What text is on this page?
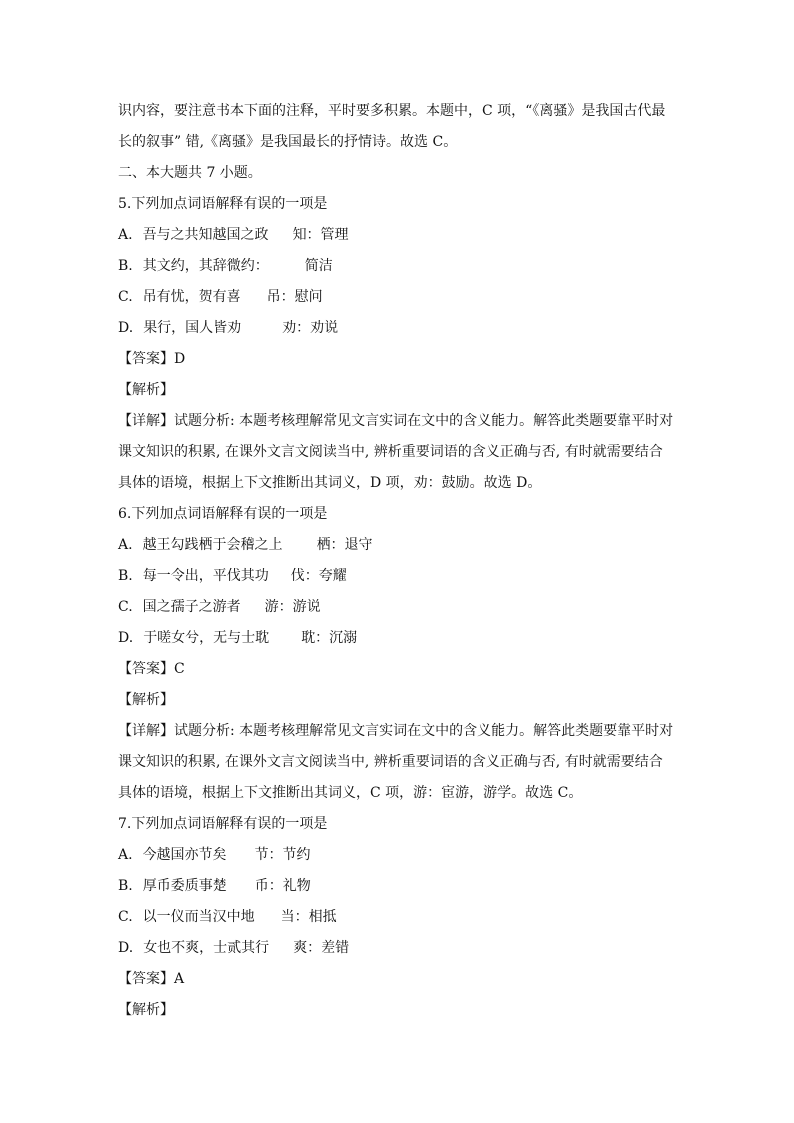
识内容，要注意书本下面的注释，平时要多积累。本题中，C 项，“《离骚》是我国古代最
长的叙事” 错,《离骚》是我国最长的抒情诗。故选 C。
二、本大题共 7 小题。
5.下列加点词语解释有误的一项是
A. 吾与之共知越国之政 知：管理
B. 其文约，其辞微约：	简洁
C. 吊有忧，贺有喜 吊：慰问
D. 果行，国人皆劝	劝：劝说
【答案】D
【解析】
【详解】试题分析: 本题考核理解常见文言实词在文中的含义能力。解答此类题要靠平时对
课文知识的积累, 在课外文言文阅读当中, 辨析重要词语的含义正确与否, 有时就需要结合
具体的语境，根据上下文推断出其词义，D 项，劝：鼓励。故选 D。
6.下列加点词语解释有误的一项是
A. 越王勾践栖于会稽之上 栖：退守
B. 每一令出，平伐其功 伐：夸耀
C. 国之孺子之游者 游：游说
D. 于嗟女兮，无与士耽 耽：沉溺
【答案】C
【解析】
【详解】试题分析: 本题考核理解常见文言实词在文中的含义能力。解答此类题要靠平时对
课文知识的积累, 在课外文言文阅读当中, 辨析重要词语的含义正确与否, 有时就需要结合
具体的语境，根据上下文推断出其词义，C 项，游：宦游，游学。故选 C。
7.下列加点词语解释有误的一项是
A. 今越国亦节矣 节：节约
B. 厚币委质事楚 币：礼物
C. 以一仪而当汉中地 当：相抵
D. 女也不爽，士贰其行 爽：差错
【答案】A
【解析】
